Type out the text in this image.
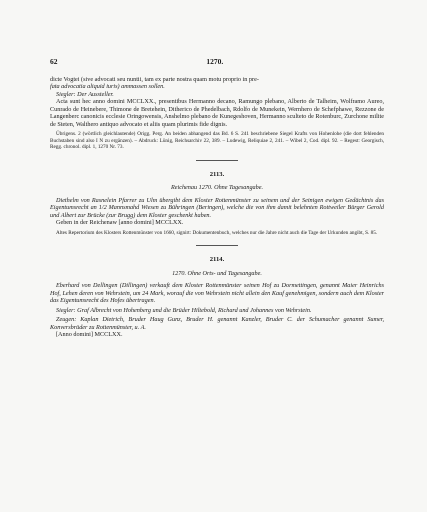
62	1270.

dicte Vogtei (sive advocati seu nuntii, tam ex parte nostra quam motu proprio in pre-

fata advocatia aliquid iuris) ammassen sollen.

Siegler: Der Aussteller.

Acta sunt hec anno domini MCCLXX., presentibus Hermanno decano, Ramungo plebano, Alberto de Talheim, Wolframo Aureo, Cunrado de Heinebere, Thimone de Bretehein, Ditherico de Phedelbach, Rdolfo de Munekein, Wernhero de Schefphawe, Rezzone de Langenberc canonicis ecclesie Oringowensis, Anshelmo plebano de Kunegeshoven, Hermanno sculteto de Rotenburc, Zurchone milite de Steten, Walthero antiquo advocato et aliis quam plurimis fide dignis.

Übrigens. 2 (wörtlich gleichlautende) Origg. Perg. An beiden abhangend das Bd. 6 S. 241 beschriebene Siegel Krafts von Hohenlohe (die dort fehlenden Buchstaben sind also I N zu ergänzen). – Abdruck: Lünig, Reichsarchiv 22, 389. – Ludewig, Reliquiae 2, 241. – Wibel 2, Cod. dipl. 92. – Regest: Georgisch, Regg. chronol. dipl. 1, 1270 Nr. 73.

2113.
Reichenau 1270. Ohne Tagesangabe.

Diethelm von Rasnelein Pfarrer zu Ulm übergibt dem Kloster Rottenmünster zu seinem und der Seinigen ewigen Gedächtnis das Eigentumsrecht an 1/2 Mannsmahd Wiesen zu Bühringen (Beringen), welche die von ihm damit belehnten Rottweiler Bürger Gerold und Albert zur Brücke (zur Brugg) dem Kloster geschenkt haben.

Geben in der Reichenaw [anno domini] MCCLXX.

Altes Repertorium des Klosters Rottenmünster von 1660, signirt: Dokumentenbuch, welches nur die Jahre nicht auch die Tage der Urkunden angibt, S. 85.

2114.
1270. Ohne Orts- und Tagesangabe.

Eberhard von Dellingen (Dillingen) verkauft dem Kloster Rottenmünster seinen Hof zu Dormettingen, genannt Maier Heinrichs Hof, Lehen deren von Wehrstein, um 24 Mark, worauf die von Wehrstein nicht allein den Kauf genehmigen, sondern auch dem Kloster das Eigentumsrecht des Hofes übertragen.

Siegler: Graf Albrecht von Hohenberg und die Brüder Hiltebold, Richard und Johannes von Wehrstein.

Zeugen: Kaplan Dietrich, Bruder Haug Gunz, Bruder H. genannt Kanzler, Bruder C. der Schumacher genannt Sumer, Konversbrüder zu Rottenmünster, u. A.

[Anno domini] MCCLXX.
